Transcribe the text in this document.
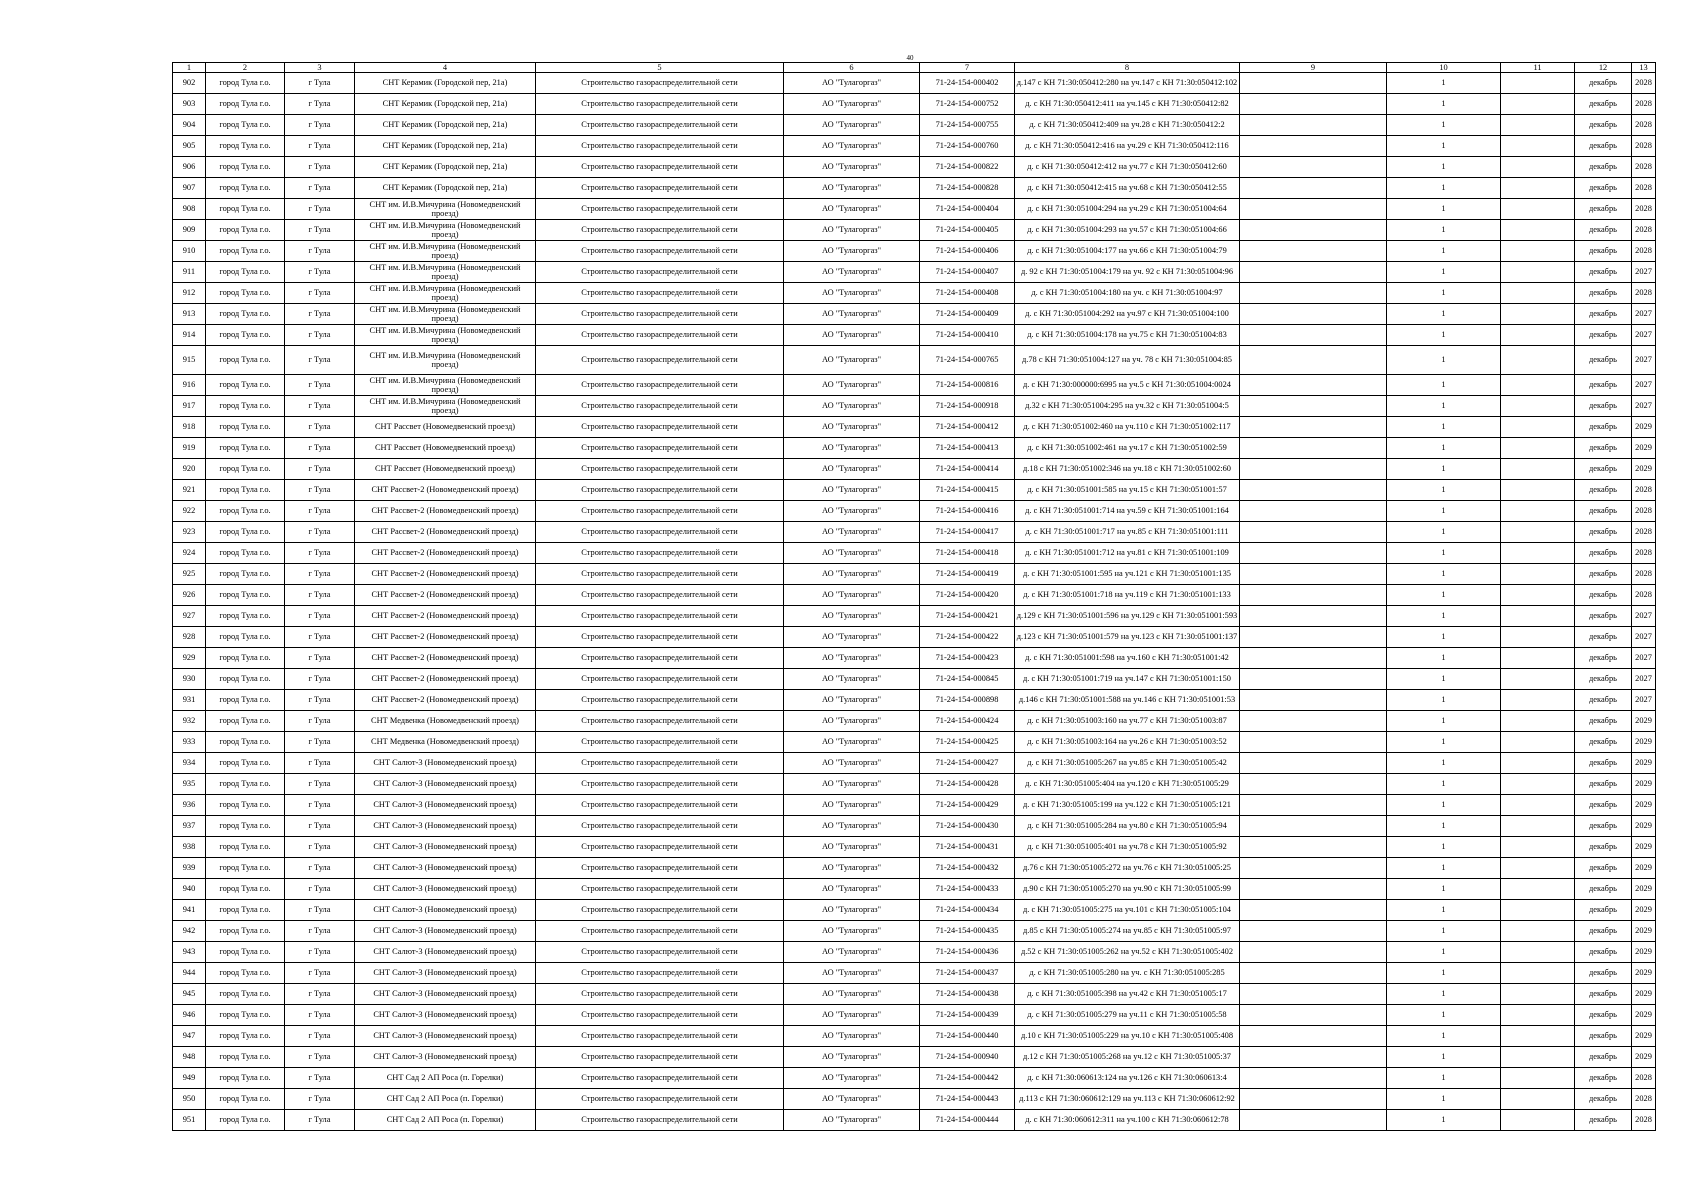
40
1	2	3	4	5	6	7	8	9	10	11	12	13
902	город Тула г.о.	г Тула	СНТ Керамик (Городской пер, 21а)	Строительство газораспределительной сети	АО "Тулагоргаз"	71-24-154-000402	д.147 с КН 71:30:050412:280 на уч.147 с КН 71:30:050412:102		1		декабрь	2028
903	город Тула г.о.	г Тула	СНТ Керамик (Городской пер, 21а)	Строительство газораспределительной сети	АО "Тулагоргаз"	71-24-154-000752	д. с КН 71:30:050412:411 на уч.145 с КН 71:30:050412:82		1		декабрь	2028
904	город Тула г.о.	г Тула	СНТ Керамик (Городской пер, 21а)	Строительство газораспределительной сети	АО "Тулагоргаз"	71-24-154-000755	д. с КН 71:30:050412:409 на уч.28 с КН 71:30:050412:2		1		декабрь	2028
905	город Тула г.о.	г Тула	СНТ Керамик (Городской пер, 21а)	Строительство газораспределительной сети	АО "Тулагоргаз"	71-24-154-000760	д. с КН 71:30:050412:416 на уч.29 с КН 71:30:050412:116		1		декабрь	2028
906	город Тула г.о.	г Тула	СНТ Керамик (Городской пер, 21а)	Строительство газораспределительной сети	АО "Тулагоргаз"	71-24-154-000822	д. с КН 71:30:050412:412 на уч.77 с КН 71:30:050412:60		1		декабрь	2028
907	город Тула г.о.	г Тула	СНТ Керамик (Городской пер, 21а)	Строительство газораспределительной сети	АО "Тулагоргаз"	71-24-154-000828	д. с КН 71:30:050412:415 на уч.68 с КН 71:30:050412:55		1		декабрь	2028
908	город Тула г.о.	г Тула	СНТ им. И.В.Мичурина (Новомедвенский проезд)	Строительство газораспределительной сети	АО "Тулагоргаз"	71-24-154-000404	д. с КН 71:30:051004:294 на уч.29 с КН 71:30:051004:64		1		декабрь	2028
909	город Тула г.о.	г Тула	СНТ им. И.В.Мичурина (Новомедвенский проезд)	Строительство газораспределительной сети	АО "Тулагоргаз"	71-24-154-000405	д. с КН 71:30:051004:293 на уч.57 с КН 71:30:051004:66		1		декабрь	2028
910	город Тула г.о.	г Тула	СНТ им. И.В.Мичурина (Новомедвенский проезд)	Строительство газораспределительной сети	АО "Тулагоргаз"	71-24-154-000406	д. с КН 71:30:051004:177 на уч.66 с КН 71:30:051004:79		1		декабрь	2028
911	город Тула г.о.	г Тула	СНТ им. И.В.Мичурина (Новомедвенский проезд)	Строительство газораспределительной сети	АО "Тулагоргаз"	71-24-154-000407	д. 92 с КН 71:30:051004:179 на уч. 92 с КН 71:30:051004:96		1		декабрь	2027
912	город Тула г.о.	г Тула	СНТ им. И.В.Мичурина (Новомедвенский проезд)	Строительство газораспределительной сети	АО "Тулагоргаз"	71-24-154-000408	д. с КН 71:30:051004:180 на уч. с КН 71:30:051004:97		1		декабрь	2028
913	город Тула г.о.	г Тула	СНТ им. И.В.Мичурина (Новомедвенский проезд)	Строительство газораспределительной сети	АО "Тулагоргаз"	71-24-154-000409	д. с КН 71:30:051004:292 на уч.97 с КН 71:30:051004:100		1		декабрь	2027
914	город Тула г.о.	г Тула	СНТ им. И.В.Мичурина (Новомедвенский проезд)	Строительство газораспределительной сети	АО "Тулагоргаз"	71-24-154-000410	д. с КН 71:30:051004:178 на уч.75 с КН 71:30:051004:83		1		декабрь	2027
915	город Тула г.о.	г Тула	СНТ им. И.В.Мичурина (Новомедвенский проезд)	Строительство газораспределительной сети	АО "Тулагоргаз"	71-24-154-000765	д.78 с КН 71:30:051004:127 на уч. 78 с КН 71:30:051004:85		1		декабрь	2027
916	город Тула г.о.	г Тула	СНТ им. И.В.Мичурина (Новомедвенский проезд)	Строительство газораспределительной сети	АО "Тулагоргаз"	71-24-154-000816	д. с КН 71:30:000000:6995 на уч.5 с КН 71:30:051004:0024		1		декабрь	2027
917	город Тула г.о.	г Тула	СНТ им. И.В.Мичурина (Новомедвенский проезд)	Строительство газораспределительной сети	АО "Тулагоргаз"	71-24-154-000918	д.32 с КН 71:30:051004:295 на уч.32 с КН 71:30:051004:5		1		декабрь	2027
918	город Тула г.о.	г Тула	СНТ Рассвет (Новомедвенский проезд)	Строительство газораспределительной сети	АО "Тулагоргаз"	71-24-154-000412	д. с КН 71:30:051002:460 на уч.110 с КН 71:30:051002:117		1		декабрь	2029
919	город Тула г.о.	г Тула	СНТ Рассвет (Новомедвенский проезд)	Строительство газораспределительной сети	АО "Тулагоргаз"	71-24-154-000413	д. с КН 71:30:051002:461 на уч.17 с КН 71:30:051002:59		1		декабрь	2029
920	город Тула г.о.	г Тула	СНТ Рассвет (Новомедвенский проезд)	Строительство газораспределительной сети	АО "Тулагоргаз"	71-24-154-000414	д.18 с КН 71:30:051002:346 на уч.18 с КН 71:30:051002:60		1		декабрь	2029
921	город Тула г.о.	г Тула	СНТ Рассвет-2 (Новомедвенский проезд)	Строительство газораспределительной сети	АО "Тулагоргаз"	71-24-154-000415	д. с КН 71:30:051001:585 на уч.15 с КН 71:30:051001:57		1		декабрь	2028
922	город Тула г.о.	г Тула	СНТ Рассвет-2 (Новомедвенский проезд)	Строительство газораспределительной сети	АО "Тулагоргаз"	71-24-154-000416	д. с КН 71:30:051001:714 на уч.59 с КН 71:30:051001:164		1		декабрь	2028
923	город Тула г.о.	г Тула	СНТ Рассвет-2 (Новомедвенский проезд)	Строительство газораспределительной сети	АО "Тулагоргаз"	71-24-154-000417	д. с КН 71:30:051001:717 на уч.85 с КН 71:30:051001:111		1		декабрь	2028
924	город Тула г.о.	г Тула	СНТ Рассвет-2 (Новомедвенский проезд)	Строительство газораспределительной сети	АО "Тулагоргаз"	71-24-154-000418	д. с КН 71:30:051001:712 на уч.81 с КН 71:30:051001:109		1		декабрь	2028
925	город Тула г.о.	г Тула	СНТ Рассвет-2 (Новомедвенский проезд)	Строительство газораспределительной сети	АО "Тулагоргаз"	71-24-154-000419	д. с КН 71:30:051001:595 на уч.121 с КН 71:30:051001:135		1		декабрь	2028
926	город Тула г.о.	г Тула	СНТ Рассвет-2 (Новомедвенский проезд)	Строительство газораспределительной сети	АО "Тулагоргаз"	71-24-154-000420	д. с КН 71:30:051001:718 на уч.119 с КН 71:30:051001:133		1		декабрь	2028
927	город Тула г.о.	г Тула	СНТ Рассвет-2 (Новомедвенский проезд)	Строительство газораспределительной сети	АО "Тулагоргаз"	71-24-154-000421	д.129 с КН 71:30:051001:596 на уч.129 с КН 71:30:051001:593		1		декабрь	2027
928	город Тула г.о.	г Тула	СНТ Рассвет-2 (Новомедвенский проезд)	Строительство газораспределительной сети	АО "Тулагоргаз"	71-24-154-000422	д.123 с КН 71:30:051001:579 на уч.123 с КН 71:30:051001:137		1		декабрь	2027
929	город Тула г.о.	г Тула	СНТ Рассвет-2 (Новомедвенский проезд)	Строительство газораспределительной сети	АО "Тулагоргаз"	71-24-154-000423	д. с КН 71:30:051001:598 на уч.160 с КН 71:30:051001:42		1		декабрь	2027
930	город Тула г.о.	г Тула	СНТ Рассвет-2 (Новомедвенский проезд)	Строительство газораспределительной сети	АО "Тулагоргаз"	71-24-154-000845	д. с КН 71:30:051001:719 на уч.147 с КН 71:30:051001:150		1		декабрь	2027
931	город Тула г.о.	г Тула	СНТ Рассвет-2 (Новомедвенский проезд)	Строительство газораспределительной сети	АО "Тулагоргаз"	71-24-154-000898	д.146 с КН 71:30:051001:588 на уч.146 с КН 71:30:051001:53		1		декабрь	2027
932	город Тула г.о.	г Тула	СНТ Медвенка (Новомедвенский проезд)	Строительство газораспределительной сети	АО "Тулагоргаз"	71-24-154-000424	д. с КН 71:30:051003:160 на уч.77 с КН 71:30:051003:87		1		декабрь	2029
933	город Тула г.о.	г Тула	СНТ Медвенка (Новомедвенский проезд)	Строительство газораспределительной сети	АО "Тулагоргаз"	71-24-154-000425	д. с КН 71:30:051003:164 на уч.26 с КН 71:30:051003:52		1		декабрь	2029
934	город Тула г.о.	г Тула	СНТ Салют-3 (Новомедвенский проезд)	Строительство газораспределительной сети	АО "Тулагоргаз"	71-24-154-000427	д. с КН 71:30:051005:267 на уч.85 с КН 71:30:051005:42		1		декабрь	2029
935	город Тула г.о.	г Тула	СНТ Салют-3 (Новомедвенский проезд)	Строительство газораспределительной сети	АО "Тулагоргаз"	71-24-154-000428	д. с КН 71:30:051005:404 на уч.120 с КН 71:30:051005:29		1		декабрь	2029
936	город Тула г.о.	г Тула	СНТ Салют-3 (Новомедвенский проезд)	Строительство газораспределительной сети	АО "Тулагоргаз"	71-24-154-000429	д. с КН 71:30:051005:199 на уч.122 с КН 71:30:051005:121		1		декабрь	2029
937	город Тула г.о.	г Тула	СНТ Салют-3 (Новомедвенский проезд)	Строительство газораспределительной сети	АО "Тулагоргаз"	71-24-154-000430	д. с КН 71:30:051005:284 на уч.80 с КН 71:30:051005:94		1		декабрь	2029
938	город Тула г.о.	г Тула	СНТ Салют-3 (Новомедвенский проезд)	Строительство газораспределительной сети	АО "Тулагоргаз"	71-24-154-000431	д. с КН 71:30:051005:401 на уч.78 с КН 71:30:051005:92		1		декабрь	2029
939	город Тула г.о.	г Тула	СНТ Салют-3 (Новомедвенский проезд)	Строительство газораспределительной сети	АО "Тулагоргаз"	71-24-154-000432	д.76 с КН 71:30:051005:272 на уч.76 с КН 71:30:051005:25		1		декабрь	2029
940	город Тула г.о.	г Тула	СНТ Салют-3 (Новомедвенский проезд)	Строительство газораспределительной сети	АО "Тулагоргаз"	71-24-154-000433	д.90 с КН 71:30:051005:270 на уч.90 с КН 71:30:051005:99		1		декабрь	2029
941	город Тула г.о.	г Тула	СНТ Салют-3 (Новомедвенский проезд)	Строительство газораспределительной сети	АО "Тулагоргаз"	71-24-154-000434	д. с КН 71:30:051005:275 на уч.101 с КН 71:30:051005:104		1		декабрь	2029
942	город Тула г.о.	г Тула	СНТ Салют-3 (Новомедвенский проезд)	Строительство газораспределительной сети	АО "Тулагоргаз"	71-24-154-000435	д.85 с КН 71:30:051005:274 на уч.85 с КН 71:30:051005:97		1		декабрь	2029
943	город Тула г.о.	г Тула	СНТ Салют-3 (Новомедвенский проезд)	Строительство газораспределительной сети	АО "Тулагоргаз"	71-24-154-000436	д.52 с КН 71:30:051005:262 на уч.52 с КН 71:30:051005:402		1		декабрь	2029
944	город Тула г.о.	г Тула	СНТ Салют-3 (Новомедвенский проезд)	Строительство газораспределительной сети	АО "Тулагоргаз"	71-24-154-000437	д. с КН 71:30:051005:280 на уч. с КН 71:30:051005:285		1		декабрь	2029
945	город Тула г.о.	г Тула	СНТ Салют-3 (Новомедвенский проезд)	Строительство газораспределительной сети	АО "Тулагоргаз"	71-24-154-000438	д. с КН 71:30:051005:398 на уч.42 с КН 71:30:051005:17		1		декабрь	2029
946	город Тула г.о.	г Тула	СНТ Салют-3 (Новомедвенский проезд)	Строительство газораспределительной сети	АО "Тулагоргаз"	71-24-154-000439	д. с КН 71:30:051005:279 на уч.11 с КН 71:30:051005:58		1		декабрь	2029
947	город Тула г.о.	г Тула	СНТ Салют-3 (Новомедвенский проезд)	Строительство газораспределительной сети	АО "Тулагоргаз"	71-24-154-000440	д.10 с КН 71:30:051005:229 на уч.10 с КН 71:30:051005:408		1		декабрь	2029
948	город Тула г.о.	г Тула	СНТ Салют-3 (Новомедвенский проезд)	Строительство газораспределительной сети	АО "Тулагоргаз"	71-24-154-000940	д.12 с КН 71:30:051005:268 на уч.12 с КН 71:30:051005:37		1		декабрь	2029
949	город Тула г.о.	г Тула	СНТ Сад 2 АП Роса (п. Горелки)	Строительство газораспределительной сети	АО "Тулагоргаз"	71-24-154-000442	д. с КН 71:30:060613:124 на уч.126 с КН 71:30:060613:4		1		декабрь	2028
950	город Тула г.о.	г Тула	СНТ Сад 2 АП Роса (п. Горелки)	Строительство газораспределительной сети	АО "Тулагоргаз"	71-24-154-000443	д.113 с КН 71:30:060612:129 на уч.113 с КН 71:30:060612:92		1		декабрь	2028
951	город Тула г.о.	г Тула	СНТ Сад 2 АП Роса (п. Горелки)	Строительство газораспределительной сети	АО "Тулагоргаз"	71-24-154-000444	д. с КН 71:30:060612:311 на уч.100 с КН 71:30:060612:78		1		декабрь	2028
